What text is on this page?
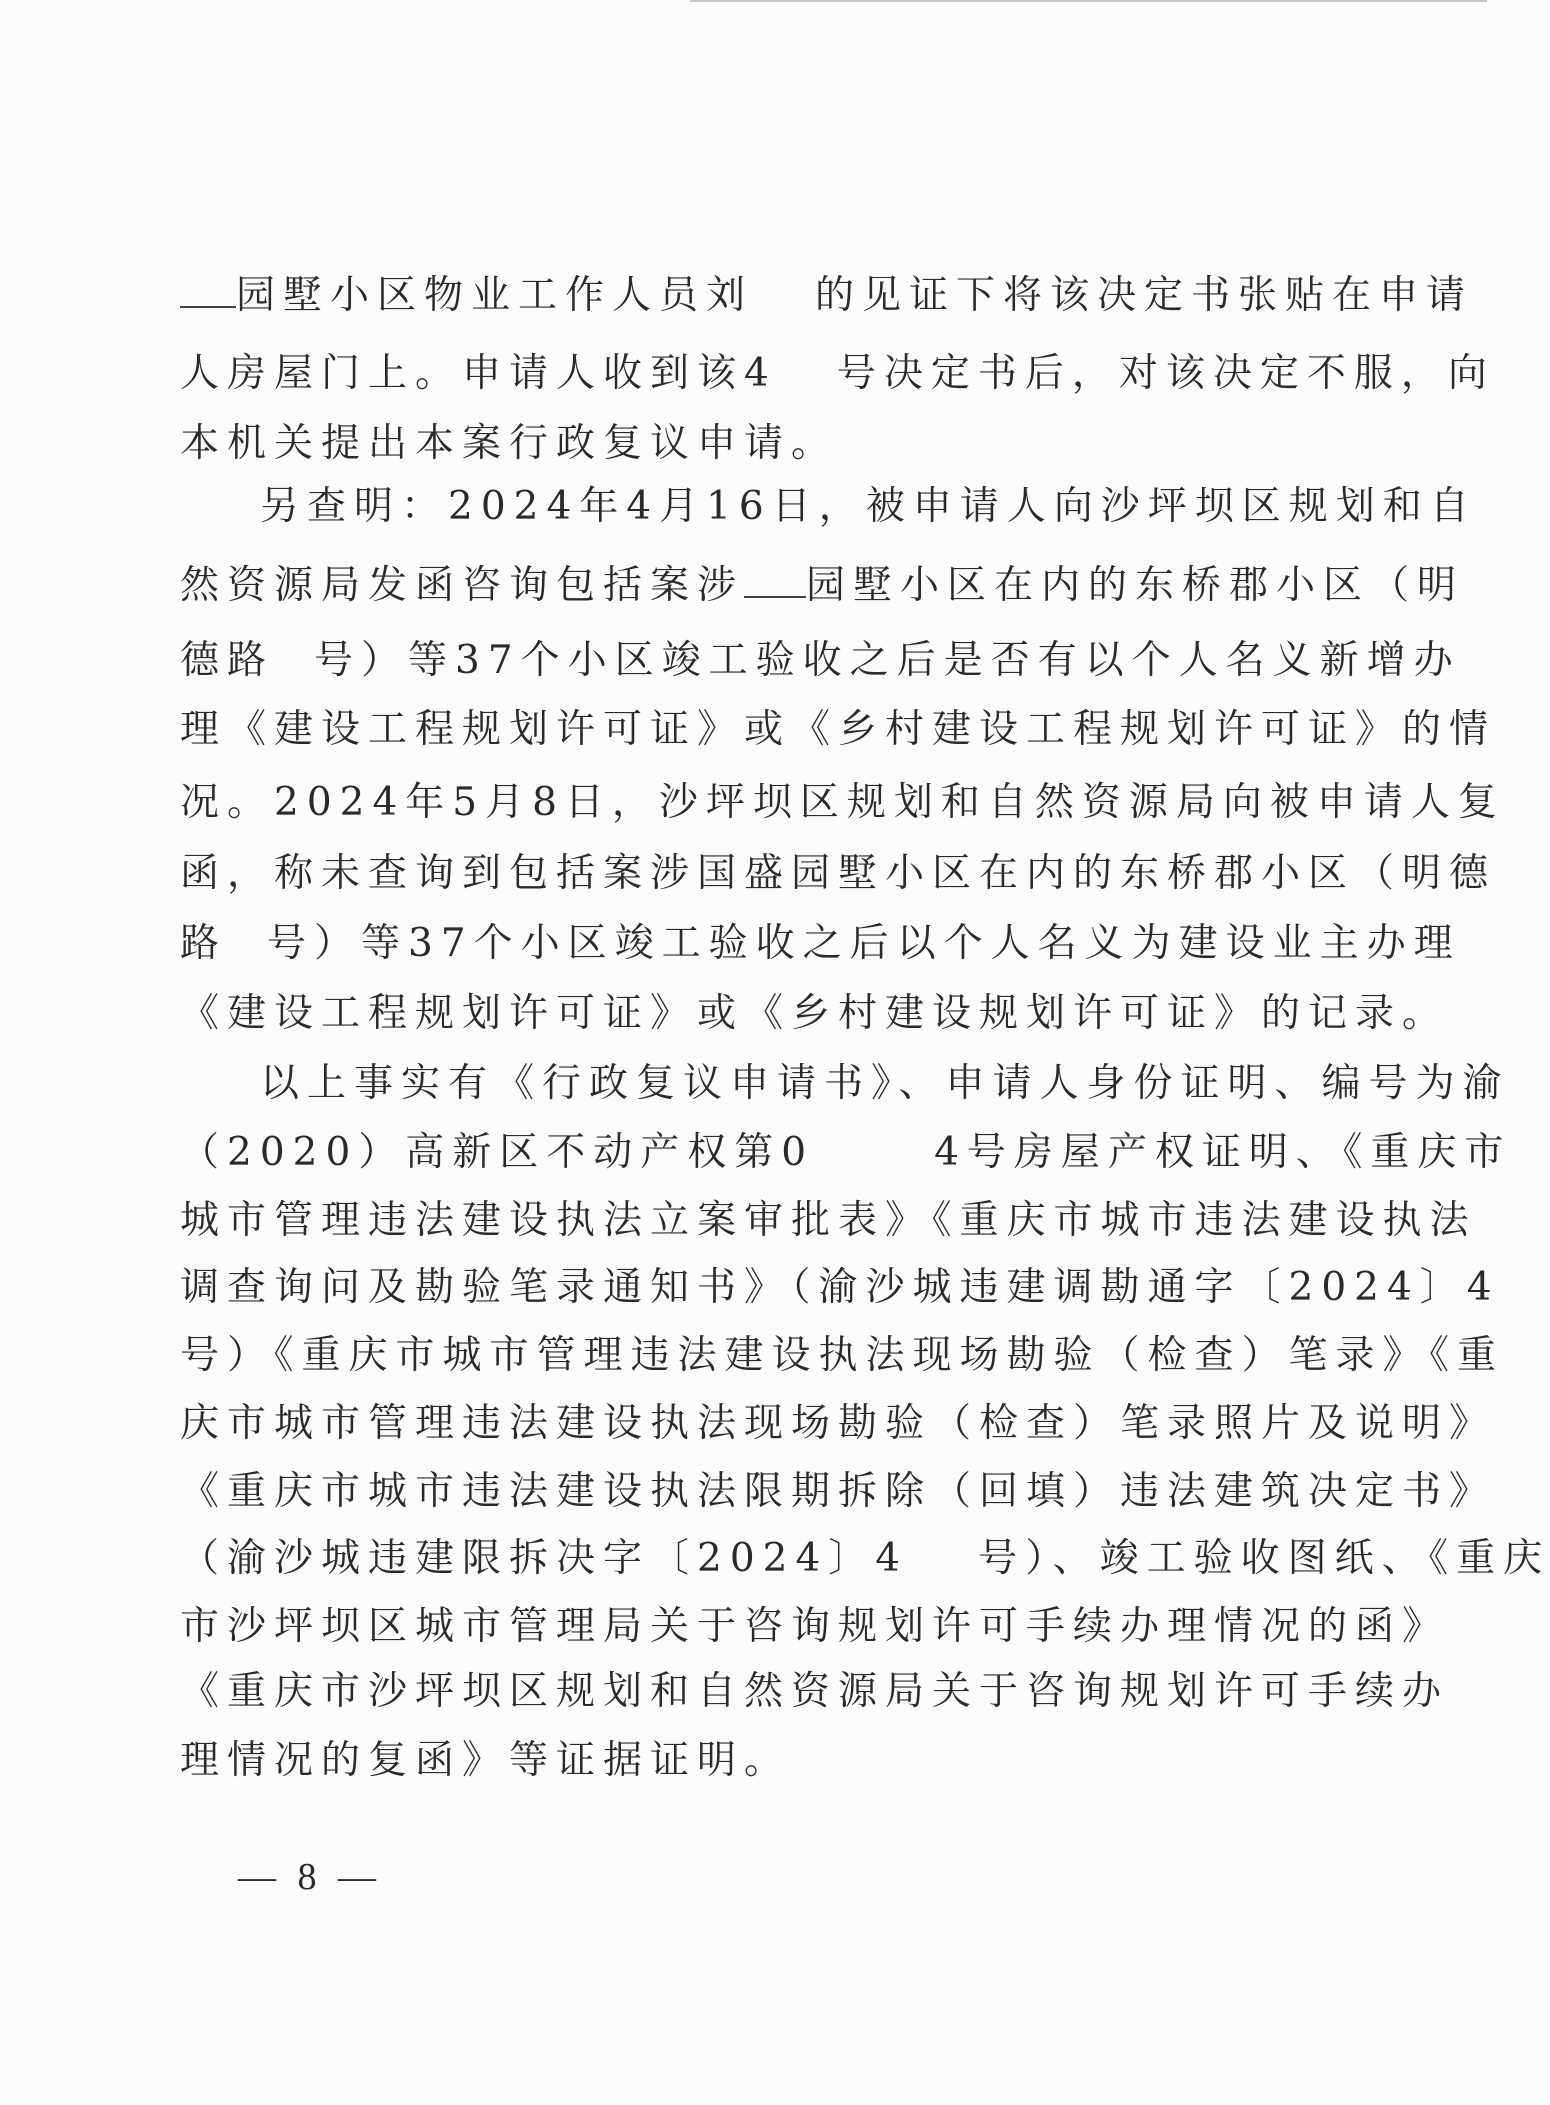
园墅小区物业工作人员刘 的见证下将该决定书张贴在申请
人房屋门上。申请人收到该4 号决定书后，对该决定不服，向
本机关提出本案行政复议申请。
另查明：2024年4月16日，被申请人向沙坪坝区规划和自
然资源局发函咨询包括案涉 园墅小区在内的东桥郡小区（明
德路 号）等37个小区竣工验收之后是否有以个人名义新增办
理《建设工程规划许可证》或《乡村建设工程规划许可证》的情
况。2024年5月8日，沙坪坝区规划和自然资源局向被申请人复
函，称未查询到包括案涉国盛园墅小区在内的东桥郡小区（明德
路 号）等37个小区竣工验收之后以个人名义为建设业主办理
《建设工程规划许可证》或《乡村建设规划许可证》的记录。
以上事实有《行政复议申请书》、申请人身份证明、编号为渝
（2020）高新区不动产权第0	4号房屋产权证明、《重庆市
城市管理违法建设执法立案审批表》《重庆市城市违法建设执法
调查询问及勘验笔录通知书》（渝沙城违建调勘通字〔2024〕4
号）《重庆市城市管理违法建设执法现场勘验（检查）笔录》《重
庆市城市管理违法建设执法现场勘验（检查）笔录照片及说明》
《重庆市城市违法建设执法限期拆除（回填）违法建筑决定书》
（渝沙城违建限拆决字〔2024〕4 号）、竣工验收图纸、《重庆
市沙坪坝区城市管理局关于咨询规划许可手续办理情况的函》
《重庆市沙坪坝区规划和自然资源局关于咨询规划许可手续办
理情况的复函》等证据证明。
— 8 —
